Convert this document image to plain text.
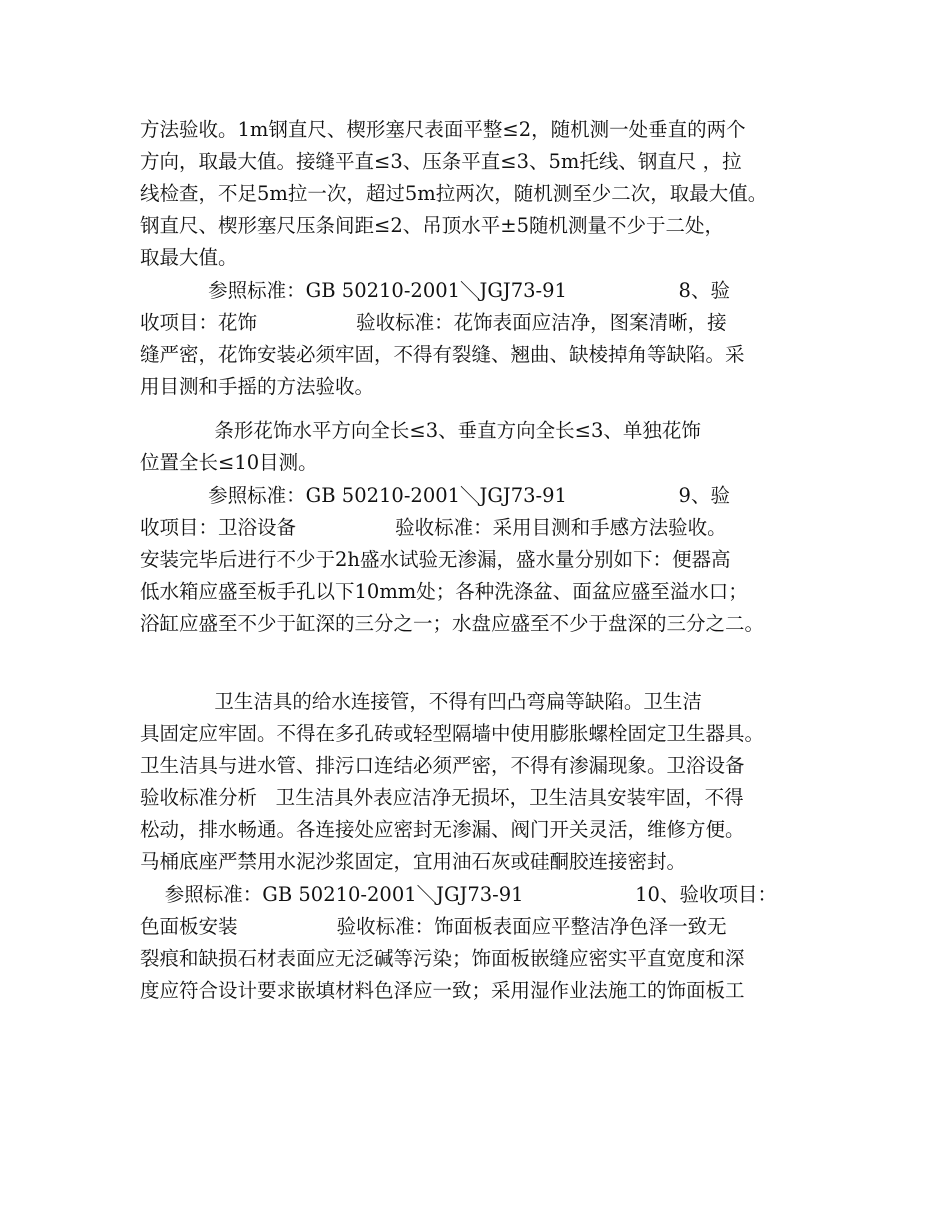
方法验收。1m钢直尺、楔形塞尺表面平整≤2，随机测一处垂直的两个
方向，取最大值。接缝平直≤3、压条平直≤3、5m托线、钢直尺 ，拉
线检查，不足5m拉一次，超过5m拉两次，随机测至少二次，取最大值。
钢直尺、楔形塞尺压条间距≤2、吊顶水平±5随机测量不少于二处，
取最大值。
参照标准：GB 50210-2001＼JGJ73-91                  8、验
收项目：花饰                验收标准：花饰表面应洁净，图案清晰，接
缝严密，花饰安装必须牢固，不得有裂缝、翘曲、缺棱掉角等缺陷。采
用目测和手摇的方法验收。
条形花饰水平方向全长≤3、垂直方向全长≤3、单独花饰
位置全长≤10目测。
参照标准：GB 50210-2001＼JGJ73-91                  9、验
收项目：卫浴设备                验收标准：采用目测和手感方法验收。
安装完毕后进行不少于2h盛水试验无渗漏，盛水量分别如下：便器高
低水箱应盛至板手孔以下10mm处；各种洗涤盆、面盆应盛至溢水口；
浴缸应盛至不少于缸深的三分之一；水盘应盛至不少于盘深的三分之二。
卫生洁具的给水连接管，不得有凹凸弯扁等缺陷。卫生洁
具固定应牢固。不得在多孔砖或轻型隔墙中使用膨胀螺栓固定卫生器具。
卫生洁具与进水管、排污口连结必须严密，不得有渗漏现象。卫浴设备
验收标准分析   卫生洁具外表应洁净无损坏，卫生洁具安装牢固，不得
松动，排水畅通。各连接处应密封无渗漏、阀门开关灵活，维修方便。
马桶底座严禁用水泥沙浆固定，宜用油石灰或硅酮胶连接密封。
参照标准：GB 50210-2001＼JGJ73-91                  10、验收项目：
色面板安装                验收标准：饰面板表面应平整洁净色泽一致无
裂痕和缺损石材表面应无泛碱等污染；饰面板嵌缝应密实平直宽度和深
度应符合设计要求嵌填材料色泽应一致；采用湿作业法施工的饰面板工
